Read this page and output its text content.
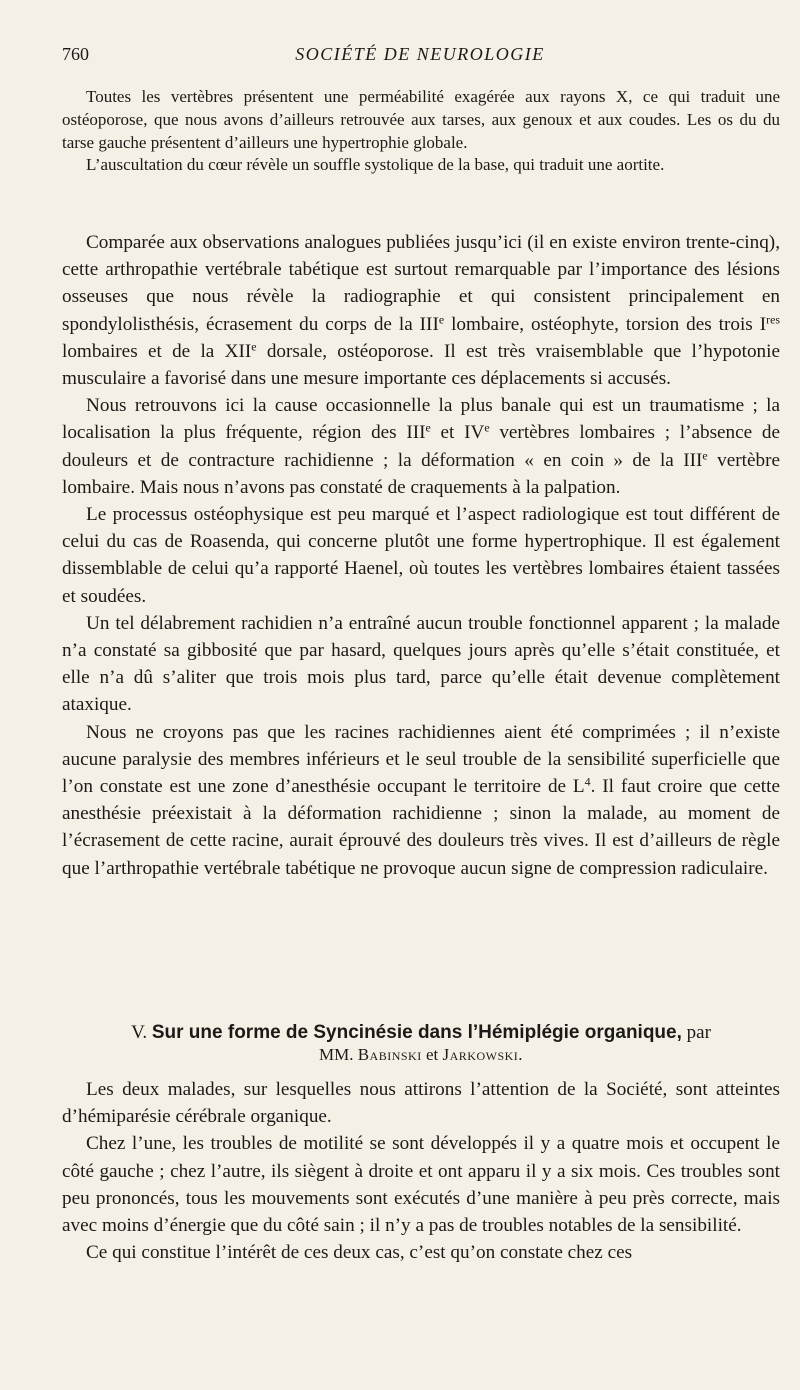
760	SOCIÉTÉ DE NEUROLOGIE

Toutes les vertèbres présentent une perméabilité exagérée aux rayons X, ce qui traduit une ostéoporose, que nous avons d’ailleurs retrouvée aux tarses, aux genoux et aux coudes. Les os du du tarse gauche présentent d’ailleurs une hypertrophie globale.

L’auscultation du cœur révèle un souffle systolique de la base, qui traduit une aortite.

Comparée aux observations analogues publiées jusqu’ici (il en existe environ trente-cinq), cette arthropathie vertébrale tabétique est surtout remarquable par l’importance des lésions osseuses que nous révèle la radiographie et qui consistent principalement en spondylolisthésis, écrasement du corps de la IIIe lombaire, ostéophyte, torsion des trois Ires lombaires et de la XIIe dorsale, ostéoporose. Il est très vraisemblable que l’hypotonie musculaire a favorisé dans une mesure importante ces déplacements si accusés.

Nous retrouvons ici la cause occasionnelle la plus banale qui est un traumatisme ; la localisation la plus fréquente, région des IIIe et IVe vertèbres lombaires ; l’absence de douleurs et de contracture rachidienne ; la déformation « en coin » de la IIIe vertèbre lombaire. Mais nous n’avons pas constaté de craquements à la palpation.

Le processus ostéophysique est peu marqué et l’aspect radiologique est tout différent de celui du cas de Roasenda, qui concerne plutôt une forme hypertrophique. Il est également dissemblable de celui qu’a rapporté Haenel, où toutes les vertèbres lombaires étaient tassées et soudées.

Un tel délabrement rachidien n’a entraîné aucun trouble fonctionnel apparent ; la malade n’a constaté sa gibbosité que par hasard, quelques jours après qu’elle s’était constituée, et elle n’a dû s’aliter que trois mois plus tard, parce qu’elle était devenue complètement ataxique.

Nous ne croyons pas que les racines rachidiennes aient été comprimées ; il n’existe aucune paralysie des membres inférieurs et le seul trouble de la sensibilité superficielle que l’on constate est une zone d’anesthésie occupant le territoire de $L^4$. Il faut croire que cette anesthésie préexistait à la déformation rachidienne ; sinon la malade, au moment de l’écrasement de cette racine, aurait éprouvé des douleurs très vives. Il est d’ailleurs de règle que l’arthropathie vertébrale tabétique ne provoque aucun signe de compression radiculaire.

V. Sur une forme de Syncinésie dans l’Hémiplégie organique, par
MM. Babinski et Jarkowski.

Les deux malades, sur lesquelles nous attirons l’attention de la Société, sont atteintes d’hémiparésie cérébrale organique.

Chez l’une, les troubles de motilité se sont développés il y a quatre mois et occupent le côté gauche ; chez l’autre, ils siègent à droite et ont apparu il y a six mois. Ces troubles sont peu prononcés, tous les mouvements sont exécutés d’une manière à peu près correcte, mais avec moins d’énergie que du côté sain ; il n’y a pas de troubles notables de la sensibilité.

Ce qui constitue l’intérêt de ces deux cas, c’est qu’on constate chez ces
